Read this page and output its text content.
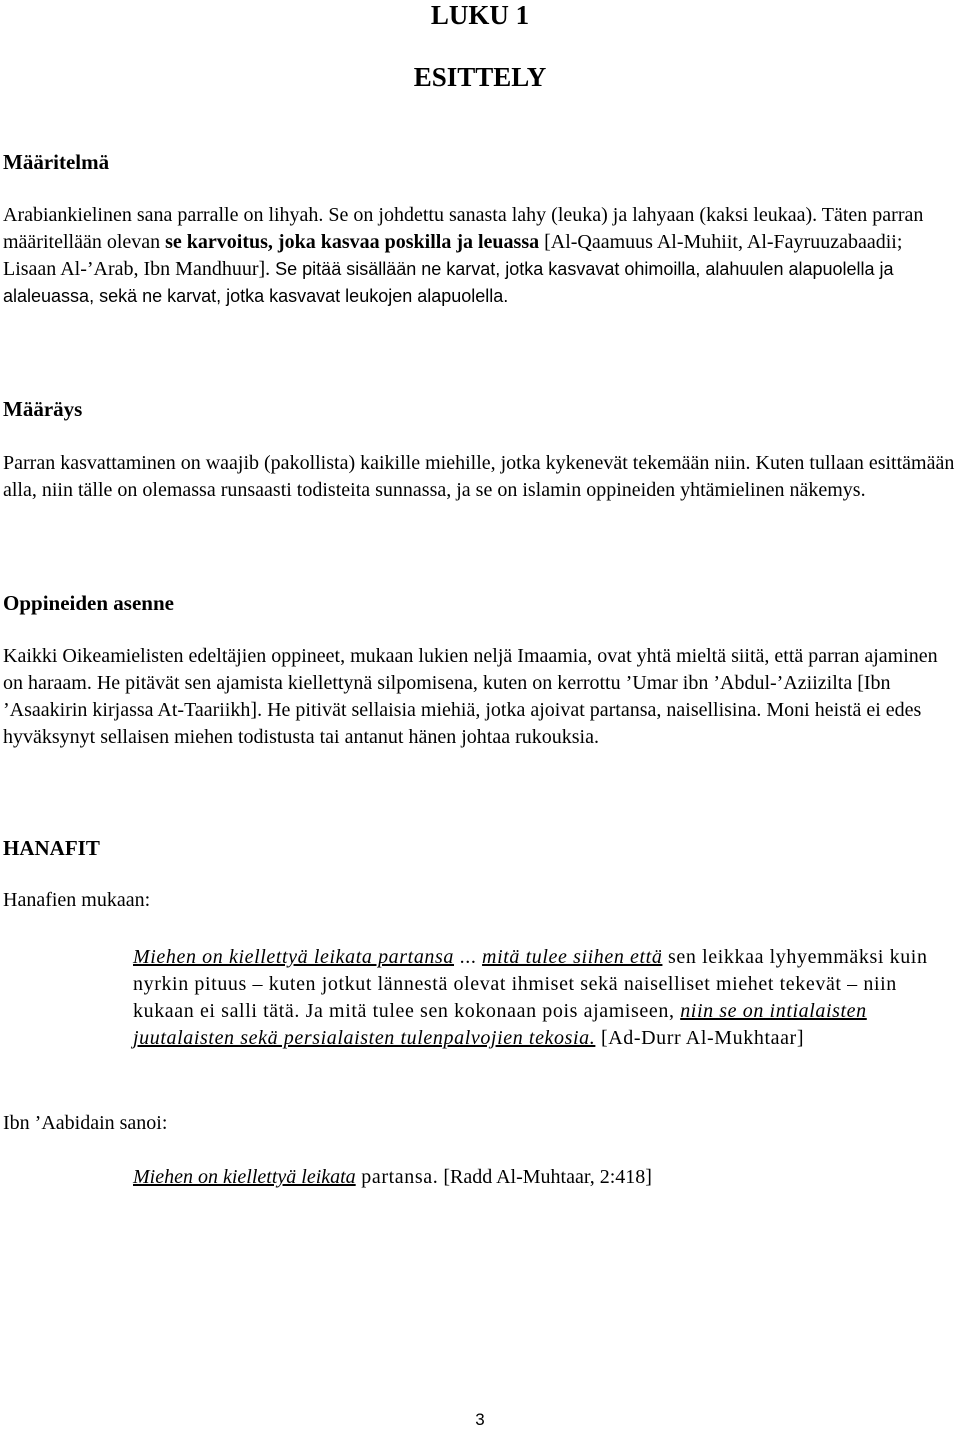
LUKU 1
ESITTELY
Määritelmä

Arabiankielinen sana parralle on lihyah. Se on johdettu sanasta lahy (leuka) ja lahyaan (kaksi leukaa). Täten parran määritellään olevan se karvoitus, joka kasvaa poskilla ja leuassa [Al-Qaamuus Al-Muhiit, Al-Fayruuzabaadii; Lisaan Al-’Arab, Ibn Mandhuur]. Se pitää sisällään ne karvat, jotka kasvavat ohimoilla, alahuulen alapuolella ja alaleuassa, sekä ne karvat, jotka kasvavat leukojen alapuolella.

Määräys

Parran kasvattaminen on waajib (pakollista) kaikille miehille, jotka kykenevät tekemään niin. Kuten tullaan esittämään alla, niin tälle on olemassa runsaasti todisteita sunnassa, ja se on islamin oppineiden yhtämielinen näkemys.

Oppineiden asenne

Kaikki Oikeamielisten edeltäjien oppineet, mukaan lukien neljä Imaamia, ovat yhtä mieltä siitä, että parran ajaminen on haraam. He pitävät sen ajamista kiellettynä silpomisena, kuten on kerrottu ’Umar ibn ’Abdul-’Aziizilta [Ibn ’Asaakirin kirjassa At-Taariikh]. He pitivät sellaisia miehiä, jotka ajoivat partansa, naisellisina. Moni heistä ei edes hyväksynyt sellaisen miehen todistusta tai antanut hänen johtaa rukouksia.

HANAFIT

Hanafien mukaan:

Miehen on kiellettyä leikata partansa ... mitä tulee siihen että sen leikkaa lyhyemmäksi kuin nyrkin pituus – kuten jotkut lännestä olevat ihmiset sekä naiselliset miehet tekevät – niin kukaan ei salli tätä. Ja mitä tulee sen kokonaan pois ajamiseen, niin se on intialaisten juutalaisten sekä persialaisten tulenpalvojien tekosia. [Ad-Durr Al-Mukhtaar]

Ibn ’Aabidain sanoi:

Miehen on kiellettyä leikata partansa. [Radd Al-Muhtaar, 2:418]

3
